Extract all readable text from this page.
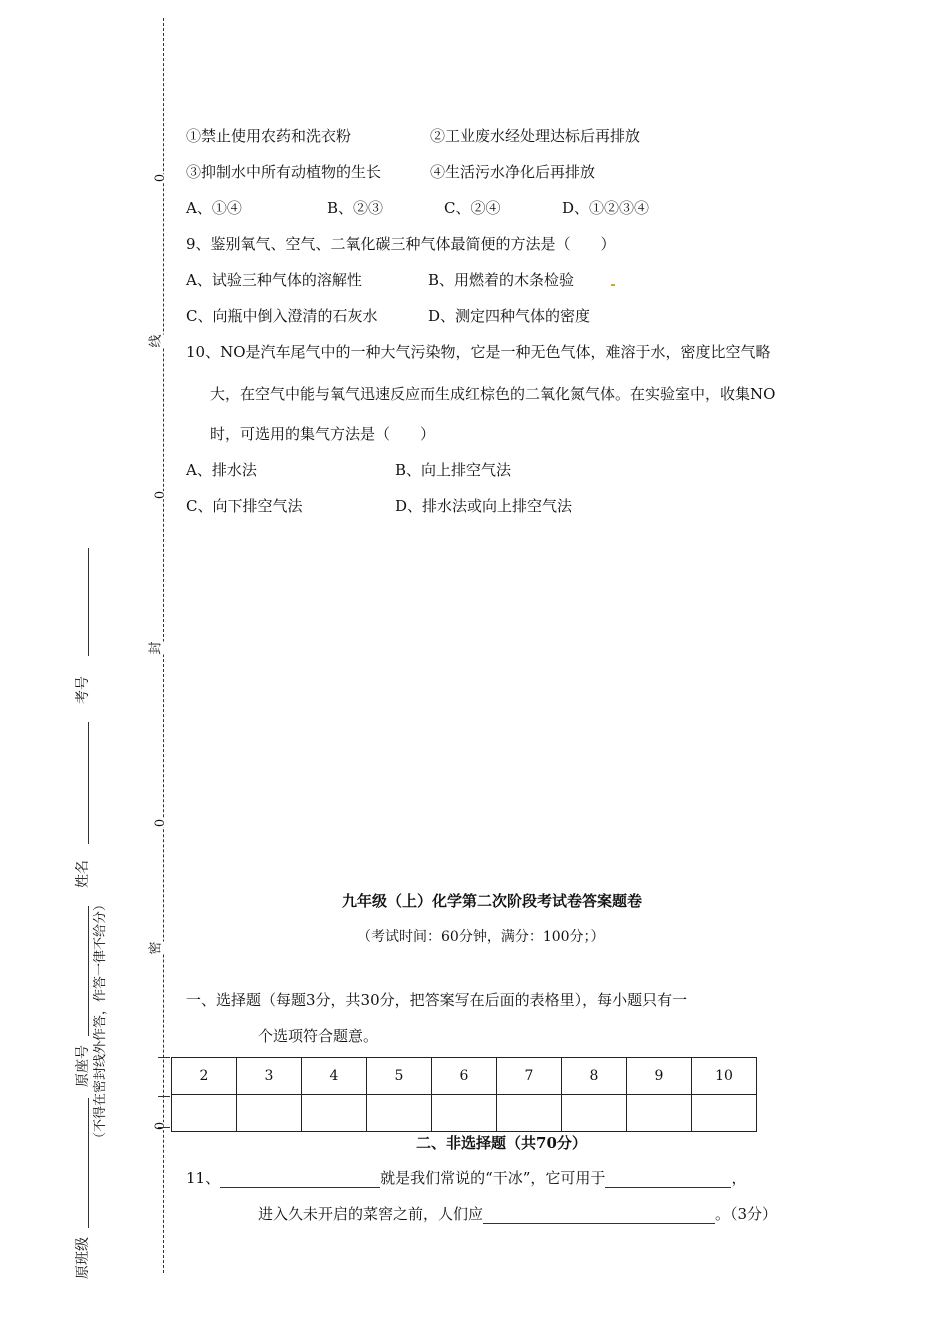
0
线
0
封
0
密
0
考号
姓名
原座号
原班级
（不得在密封线外作答，作答一律不给分）
①禁止使用农药和洗衣粉	②工业废水经处理达标后再排放
③抑制水中所有动植物的生长	④生活污水净化后再排放
A、①④	B、②③	C、②④	D、①②③④
9、鉴别氧气、空气、二氧化碳三种气体最简便的方法是（　　）
A、试验三种气体的溶解性	B、用燃着的木条检验
C、向瓶中倒入澄清的石灰水	D、测定四种气体的密度
10、NO是汽车尾气中的一种大气污染物，它是一种无色气体，难溶于水，密度比空气略
大，在空气中能与氧气迅速反应而生成红棕色的二氧化氮气体。在实验室中，收集NO
时，可选用的集气方法是（　　）
A、排水法	B、向上排空气法
C、向下排空气法	D、排水法或向上排空气法
九年级（上）化学第二次阶段考试卷答案题卷
（考试时间：60分钟，满分：100分；）
一、选择题（每题3分，共30分，把答案写在后面的表格里），每小题只有一
个选项符合题意。
2	3	4	5	6	7	8	9	10

二、非选择题（共70分）
11、	就是我们常说的“干冰”，它可用于	，
进入久未开启的菜窖之前，人们应	。（3分）
